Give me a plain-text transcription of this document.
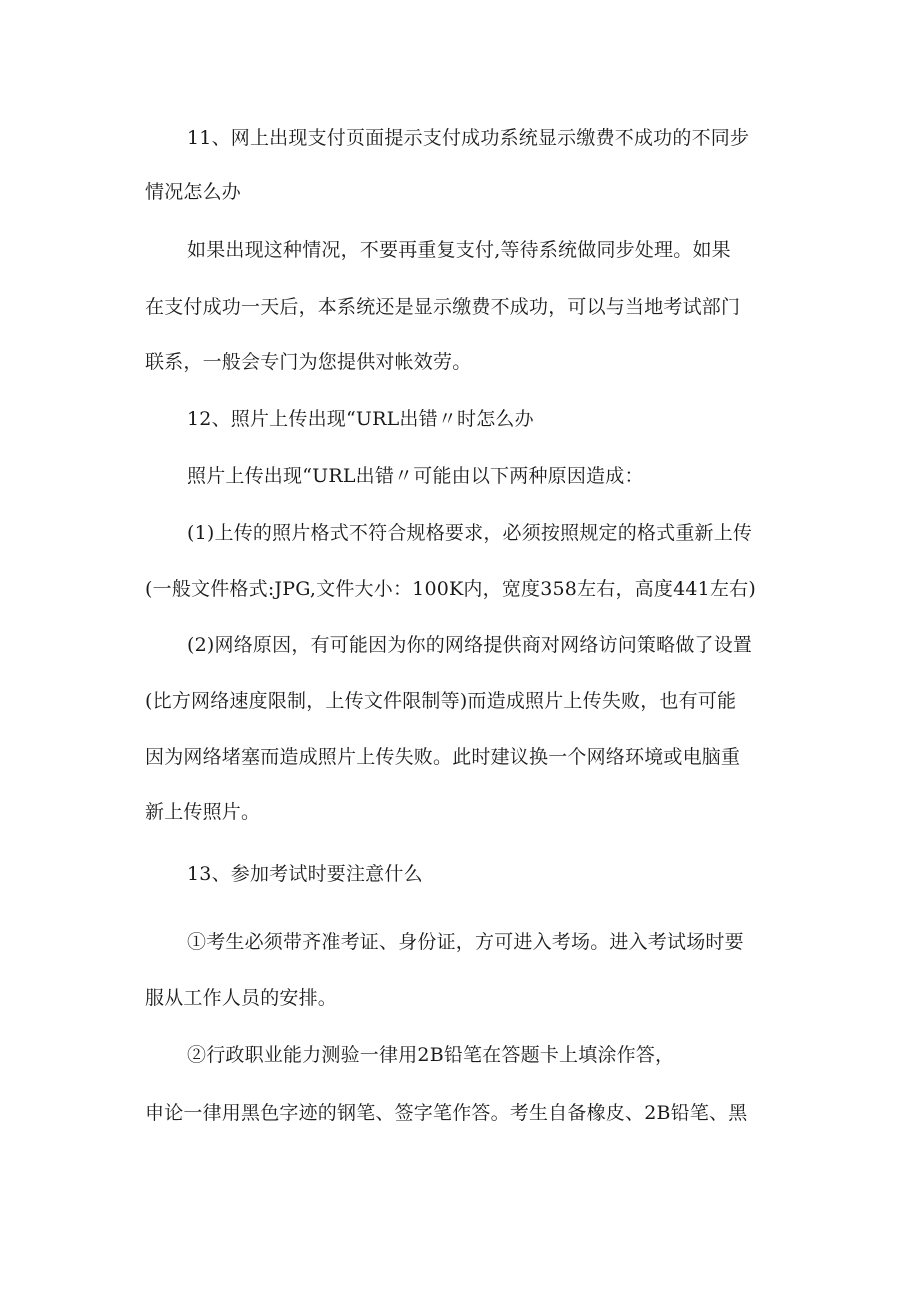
11、网上出现支付页面提示支付成功系统显示缴费不成功的不同步
情况怎么办
如果出现这种情况，不要再重复支付,等待系统做同步处理。如果
在支付成功一天后，本系统还是显示缴费不成功，可以与当地考试部门
联系，一般会专门为您提供对帐效劳。
12、照片上传出现“URL出错〃时怎么办
照片上传出现“URL出错〃可能由以下两种原因造成：
(1)上传的照片格式不符合规格要求，必须按照规定的格式重新上传
(一般文件格式:JPG,文件大小：100K内，宽度358左右，高度441左右)
(2)网络原因，有可能因为你的网络提供商对网络访问策略做了设置
(比方网络速度限制，上传文件限制等)而造成照片上传失败，也有可能
因为网络堵塞而造成照片上传失败。此时建议换一个网络环境或电脑重
新上传照片。
13、参加考试时要注意什么
①考生必须带齐准考证、身份证，方可进入考场。进入考试场时要
服从工作人员的安排。
②行政职业能力测验一律用2B铅笔在答题卡上填涂作答，
申论一律用黑色字迹的钢笔、签字笔作答。考生自备橡皮、2B铅笔、黑
